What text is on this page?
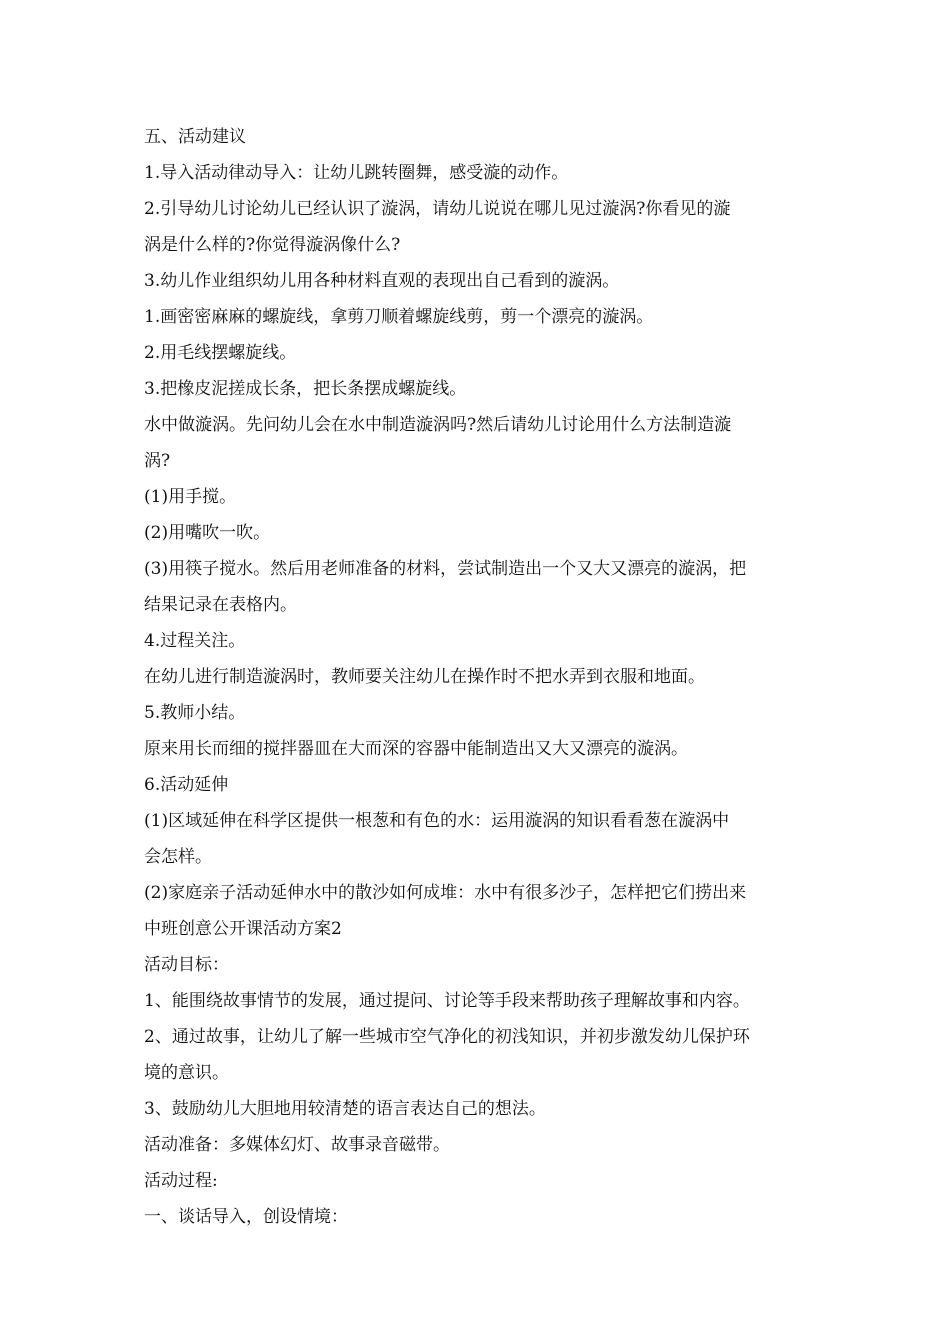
五、活动建议

1.导入活动律动导入：让幼儿跳转圈舞，感受漩的动作。

2.引导幼儿讨论幼儿已经认识了漩涡，请幼儿说说在哪儿见过漩涡?你看见的漩

涡是什么样的?你觉得漩涡像什么?

3.幼儿作业组织幼儿用各种材料直观的表现出自己看到的漩涡。

1.画密密麻麻的螺旋线，拿剪刀顺着螺旋线剪，剪一个漂亮的漩涡。

2.用毛线摆螺旋线。

3.把橡皮泥搓成长条，把长条摆成螺旋线。

水中做漩涡。先问幼儿会在水中制造漩涡吗?然后请幼儿讨论用什么方法制造漩

涡?

(1)用手搅。

(2)用嘴吹一吹。

(3)用筷子搅水。然后用老师准备的材料，尝试制造出一个又大又漂亮的漩涡，把

结果记录在表格内。

4.过程关注。

在幼儿进行制造漩涡时，教师要关注幼儿在操作时不把水弄到衣服和地面。

5.教师小结。

原来用长而细的搅拌器皿在大而深的容器中能制造出又大又漂亮的漩涡。

6.活动延伸

(1)区域延伸在科学区提供一根葱和有色的水：运用漩涡的知识看看葱在漩涡中

会怎样。

(2)家庭亲子活动延伸水中的散沙如何成堆：水中有很多沙子，怎样把它们捞出来

中班创意公开课活动方案2

活动目标：

1、能围绕故事情节的发展，通过提问、讨论等手段来帮助孩子理解故事和内容。

2、通过故事，让幼儿了解一些城市空气净化的初浅知识，并初步激发幼儿保护环

境的意识。

3、鼓励幼儿大胆地用较清楚的语言表达自己的想法。

活动准备：多媒体幻灯、故事录音磁带。

活动过程:

一、谈话导入，创设情境：
